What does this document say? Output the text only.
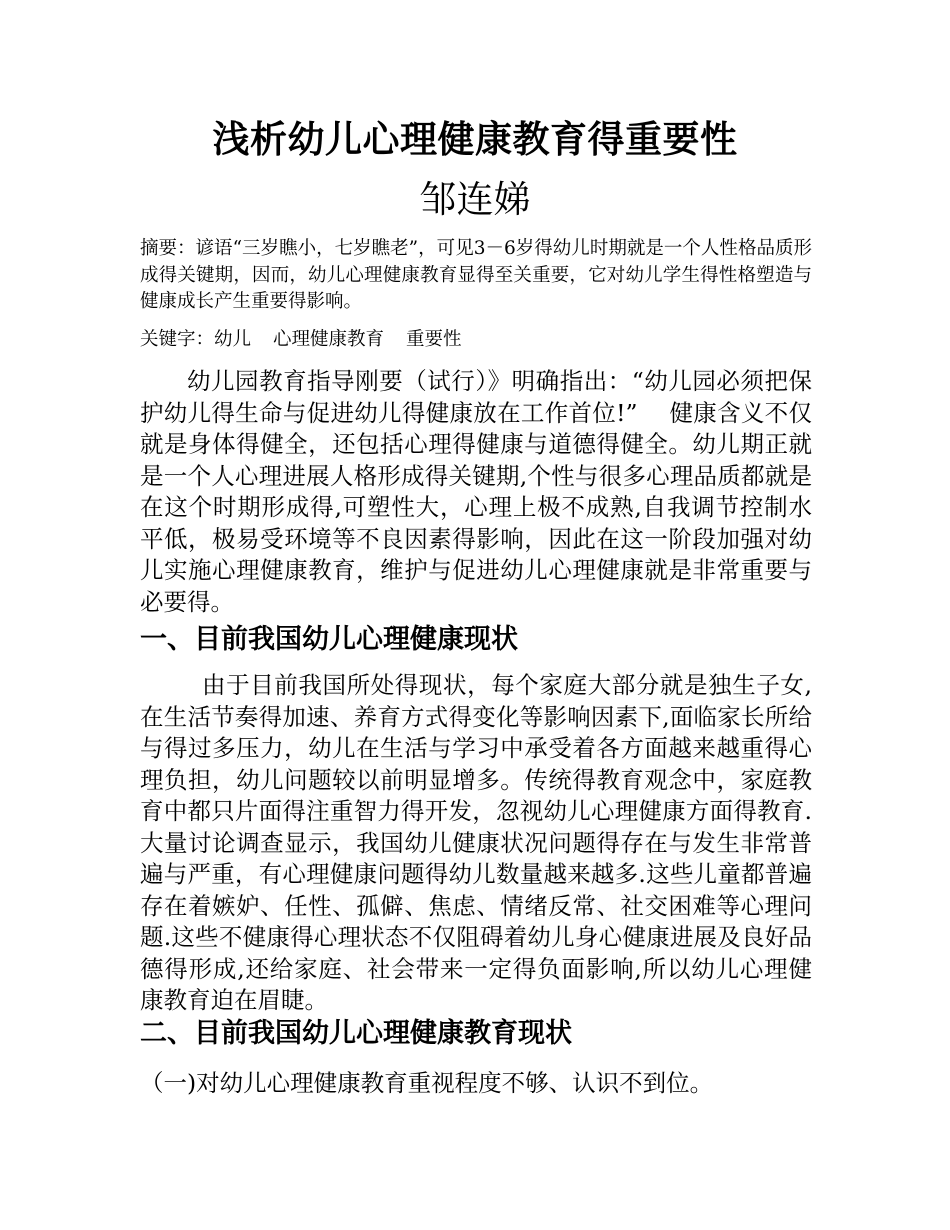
浅析幼儿心理健康教育得重要性
邹连娣
摘要：谚语“三岁瞧小，七岁瞧老”，可见3－6岁得幼儿时期就是一个人性格品质形成得关键期，因而，幼儿心理健康教育显得至关重要，它对幼儿学生得性格塑造与健康成长产生重要得影响。
关键字：幼儿 心理健康教育 重要性
幼儿园教育指导刚要（试行）》明确指出：“幼儿园必须把保护幼儿得生命与促进幼儿得健康放在工作首位!”　 健康含义不仅就是身体得健全，还包括心理得健康与道德得健全。幼儿期正就是一个人心理进展人格形成得关键期,个性与很多心理品质都就是在这个时期形成得,可塑性大，心理上极不成熟,自我调节控制水平低，极易受环境等不良因素得影响，因此在这一阶段加强对幼儿实施心理健康教育，维护与促进幼儿心理健康就是非常重要与必要得。
一、目前我国幼儿心理健康现状
由于目前我国所处得现状，每个家庭大部分就是独生子女,在生活节奏得加速、养育方式得变化等影响因素下,面临家长所给与得过多压力，幼儿在生活与学习中承受着各方面越来越重得心理负担，幼儿问题较以前明显增多。传统得教育观念中，家庭教育中都只片面得注重智力得开发，忽视幼儿心理健康方面得教育.大量讨论调查显示，我国幼儿健康状况问题得存在与发生非常普遍与严重，有心理健康问题得幼儿数量越来越多.这些儿童都普遍存在着嫉妒、任性、孤僻、焦虑、情绪反常、社交困难等心理问题.这些不健康得心理状态不仅阻碍着幼儿身心健康进展及良好品德得形成,还给家庭、社会带来一定得负面影响,所以幼儿心理健康教育迫在眉睫。
二、目前我国幼儿心理健康教育现状
（一)对幼儿心理健康教育重视程度不够、认识不到位。
